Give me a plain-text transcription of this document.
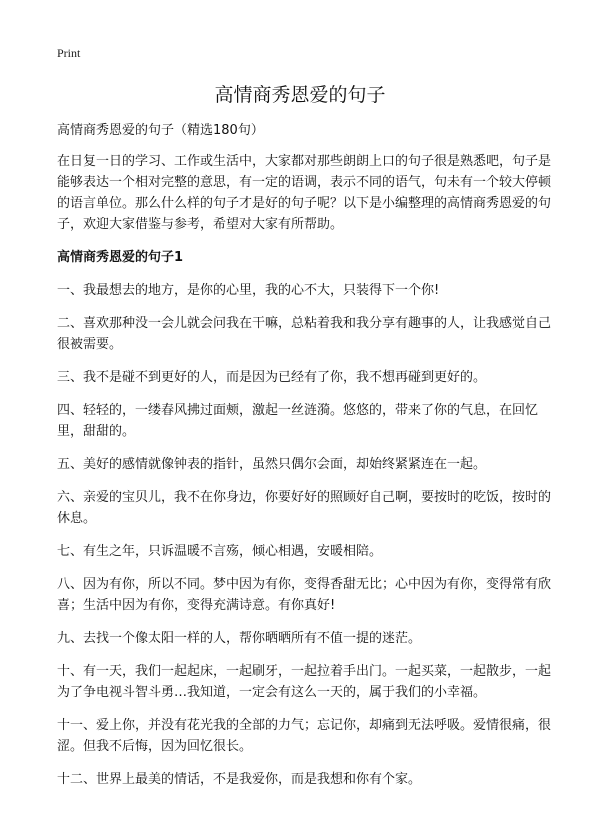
Print
高情商秀恩爱的句子

高情商秀恩爱的句子（精选180句）

在日复一日的学习、工作或生活中，大家都对那些朗朗上口的句子很是熟悉吧，句子是能够表达一个相对完整的意思，有一定的语调，表示不同的语气，句未有一个较大停顿的语言单位。那么什么样的句子才是好的句子呢？以下是小编整理的高情商秀恩爱的句子，欢迎大家借鉴与参考，希望对大家有所帮助。

高情商秀恩爱的句子1

一、我最想去的地方，是你的心里，我的心不大，只装得下一个你!

二、喜欢那种没一会儿就会问我在干嘛，总粘着我和我分享有趣事的人，让我感觉自己很被需要。

三、我不是碰不到更好的人，而是因为已经有了你，我不想再碰到更好的。

四、轻轻的，一缕春风拂过面颊，激起一丝涟漪。悠悠的，带来了你的气息，在回忆里，甜甜的。

五、美好的感情就像钟表的指针，虽然只偶尔会面，却始终紧紧连在一起。

六、亲爱的宝贝儿，我不在你身边，你要好好的照顾好自己啊，要按时的吃饭，按时的休息。

七、有生之年，只诉温暖不言殇，倾心相遇，安暖相陪。

八、因为有你，所以不同。梦中因为有你，变得香甜无比；心中因为有你，变得常有欣喜；生活中因为有你，变得充满诗意。有你真好!

九、去找一个像太阳一样的人，帮你晒晒所有不值一提的迷茫。

十、有一天，我们一起起床，一起刷牙，一起拉着手出门。一起买菜，一起散步，一起为了争电视斗智斗勇…我知道，一定会有这么一天的，属于我们的小幸福。

十一、爱上你，并没有花光我的全部的力气；忘记你，却痛到无法呼吸。爱情很痛，很涩。但我不后悔，因为回忆很长。

十二、世界上最美的情话，不是我爱你，而是我想和你有个家。
